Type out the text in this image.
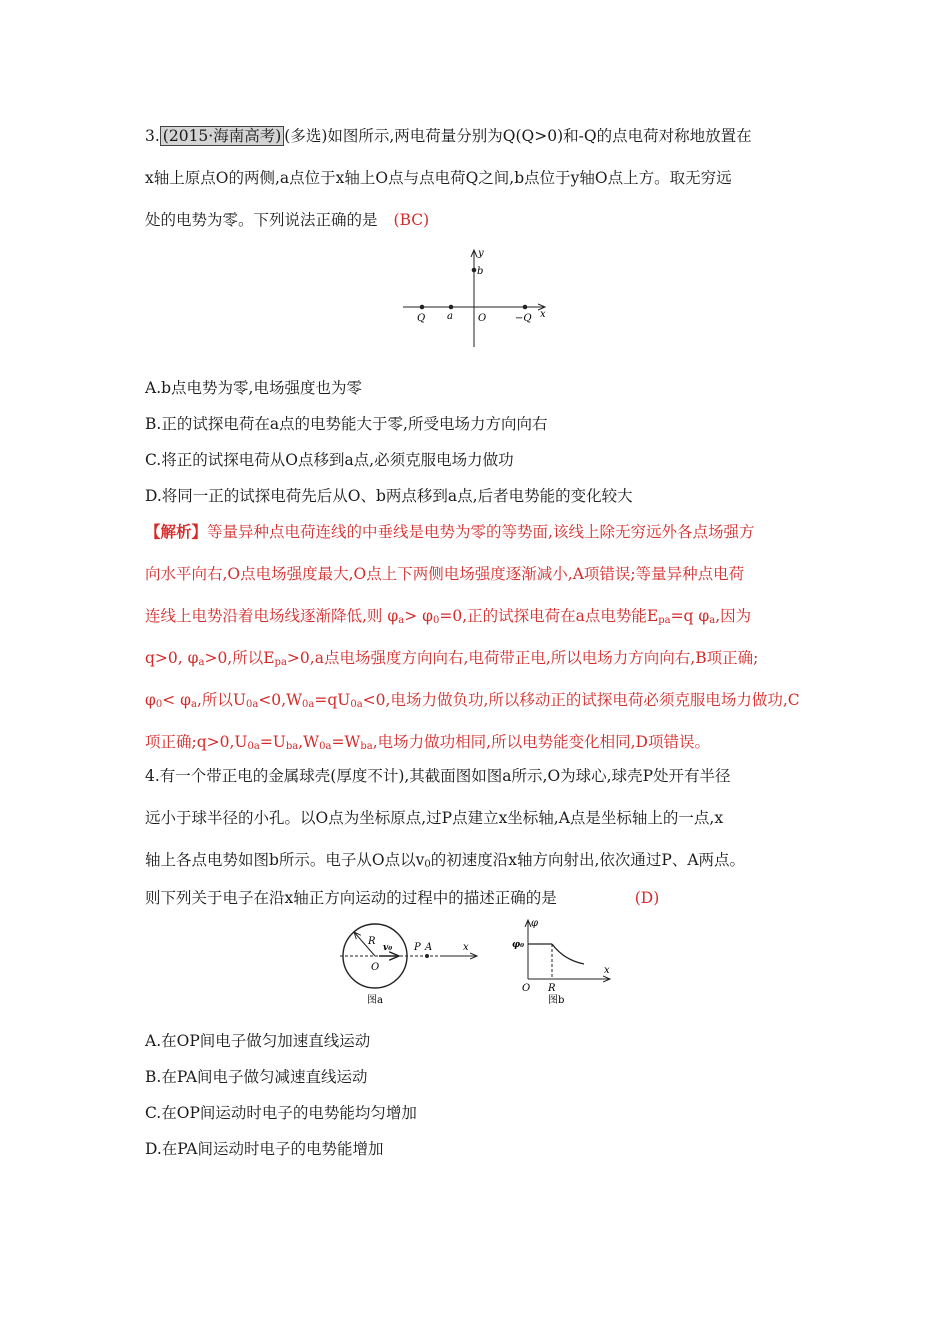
3. (2015·海南高考) (多选)如图所示,两电荷量分别为Q(Q>0)和-Q的点电荷对称地放置在
x轴上原点O的两侧,a点位于x轴上O点与点电荷Q之间,b点位于y轴O点上方。取无穷远
处的电势为零。下列说法正确的是 (BC)
y
b
Q a	O	−Q x
A.b点电势为零,电场强度也为零
B.正的试探电荷在a点的电势能大于零,所受电场力方向向右
C.将正的试探电荷从O点移到a点,必须克服电场力做功
D.将同一正的试探电荷先后从O、b两点移到a点,后者电势能的变化较大
【解析】等量异种点电荷连线的中垂线是电势为零的等势面,该线上除无穷远外各点场强方
向水平向右,O点电场强度最大,O点上下两侧电场强度逐渐减小,A项错误;等量异种点电荷
连线上电势沿着电场线逐渐降低,则 $\varphi_a> \varphi_0=0$,正的试探电荷在a点电势能$E_{pa}=q$ $\varphi_a$,因为
q>0, $\varphi_a>0$,所以$E_{pa}>0,a$点电场强度方向向右,电荷带正电,所以电场力方向向右,B项正确;
$\varphi_0< \varphi_a$,所以$U_{0a}<0,W_{0a}=qU_{0a}<0$,电场力做负功,所以移动正的试探电荷必须克服电场力做功,C
项正确$;q>0,U_{0a}=U_{ba},W_{0a}=W_{ba}$,电场力做功相同,所以电势能变化相同,D项错误。
4.有一个带正电的金属球壳(厚度不计),其截面图如图a所示,O为球心,球壳P处开有半径
远小于球半径的小孔。以O点为坐标原点,过P点建立x坐标轴,A点是坐标轴上的一点,x
轴上各点电势如图b所示。电子从O点以$v_0$的初速度沿x轴方向射出,依次通过P、A两点。
则下列关于电子在沿x轴正方向运动的过程中的描述正确的是	(D)
R
v₀ P A	x
O
图a
φ
φ₀
x
O R
图b
A.在OP间电子做匀加速直线运动
B.在PA间电子做匀减速直线运动
C.在OP间运动时电子的电势能均匀增加
D.在PA间运动时电子的电势能增加
